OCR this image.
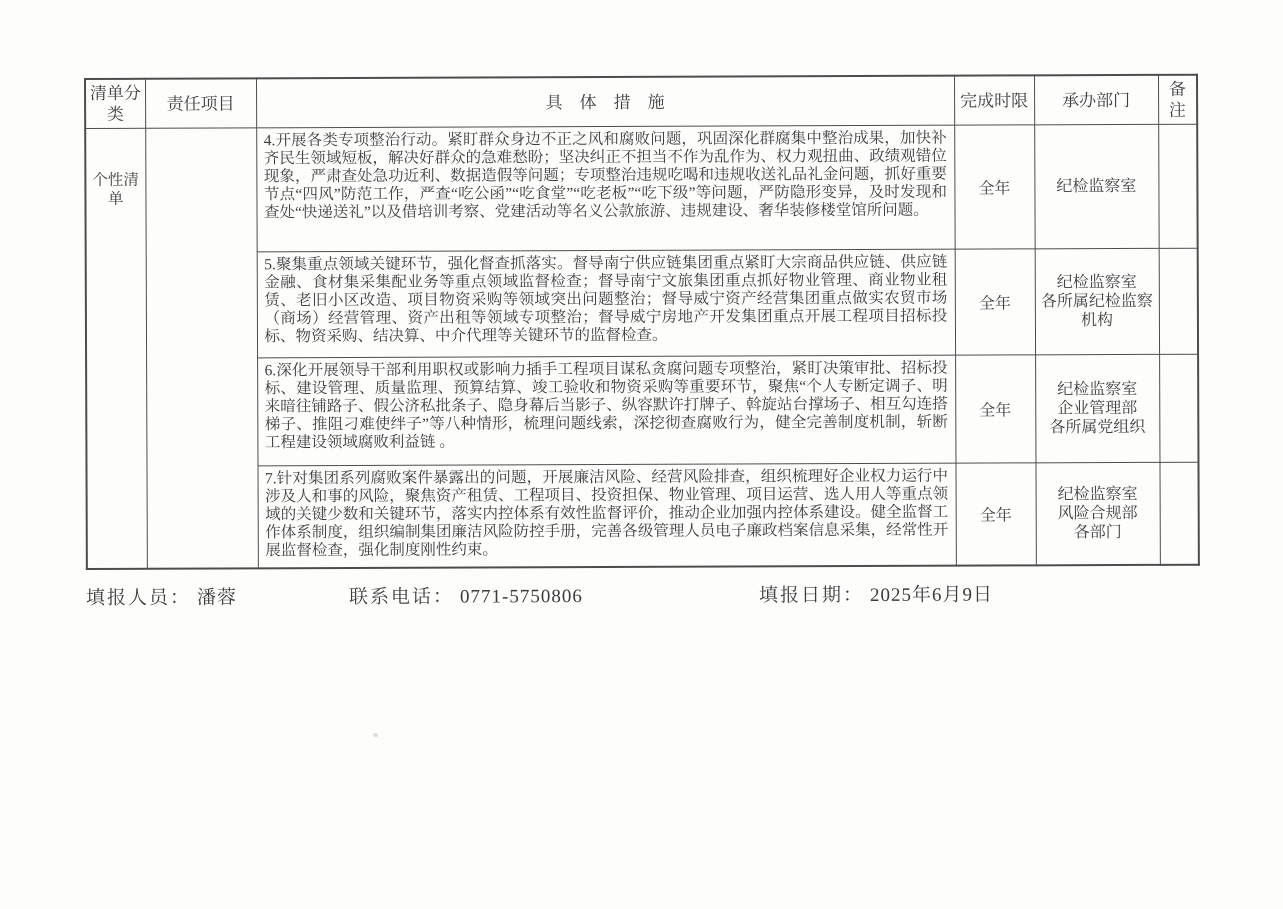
清单分类	责任项目	具　体　措　施	完成时限	承办部门	备注
个性清单		4.开展各类专项整治行动。紧盯群众身边不正之风和腐败问题，巩固深化群腐集中整治成果，加快补齐民生领域短板，解决好群众的急难愁盼；坚决纠正不担当不作为乱作为、权力观扭曲、政绩观错位现象，严肃查处急功近利、数据造假等问题；专项整治违规吃喝和违规收送礼品礼金问题，抓好重要节点“四风”防范工作，严查“吃公函”“吃食堂”“吃老板”“吃下级”等问题，严防隐形变异，及时发现和查处“快递送礼”以及借培训考察、党建活动等名义公款旅游、违规建设、奢华装修楼堂馆所问题。	全年	纪检监察室	
		5.聚集重点领域关键环节，强化督查抓落实。督导南宁供应链集团重点紧盯大宗商品供应链、供应链金融、食材集采集配业务等重点领域监督检查；督导南宁文旅集团重点抓好物业管理、商业物业租赁、老旧小区改造、项目物资采购等领域突出问题整治；督导威宁资产经营集团重点做实农贸市场（商场）经营管理、资产出租等领域专项整治；督导威宁房地产开发集团重点开展工程项目招标投标、物资采购、结决算、中介代理等关键环节的监督检查。	全年	纪检监察室
各所属纪检监察机构	
		6.深化开展领导干部利用职权或影响力插手工程项目谋私贪腐问题专项整治，紧盯决策审批、招标投标、建设管理、质量监理、预算结算、竣工验收和物资采购等重要环节，聚焦“个人专断定调子、明来暗往铺路子、假公济私批条子、隐身幕后当影子、纵容默许打牌子、斡旋站台撑场子、相互勾连搭梯子、推阻刁难使绊子”等八种情形，梳理问题线索，深挖彻查腐败行为，健全完善制度机制，斩断工程建设领域腐败利益链 。	全年	纪检监察室
企业管理部
各所属党组织	
		7.针对集团系列腐败案件暴露出的问题，开展廉洁风险、经营风险排查，组织梳理好企业权力运行中涉及人和事的风险，聚焦资产租赁、工程项目、投资担保、物业管理、项目运营、选人用人等重点领域的关键少数和关键环节，落实内控体系有效性监督评价，推动企业加强内控体系建设。健全监督工作体系制度，组织编制集团廉洁风险防控手册，完善各级管理人员电子廉政档案信息采集，经常性开展监督检查，强化制度刚性约束。	全年	纪检监察室
风险合规部
各部门	
填报人员： 潘蓉	联系电话： 0771-5750806	填报日期： 2025年6月9日
